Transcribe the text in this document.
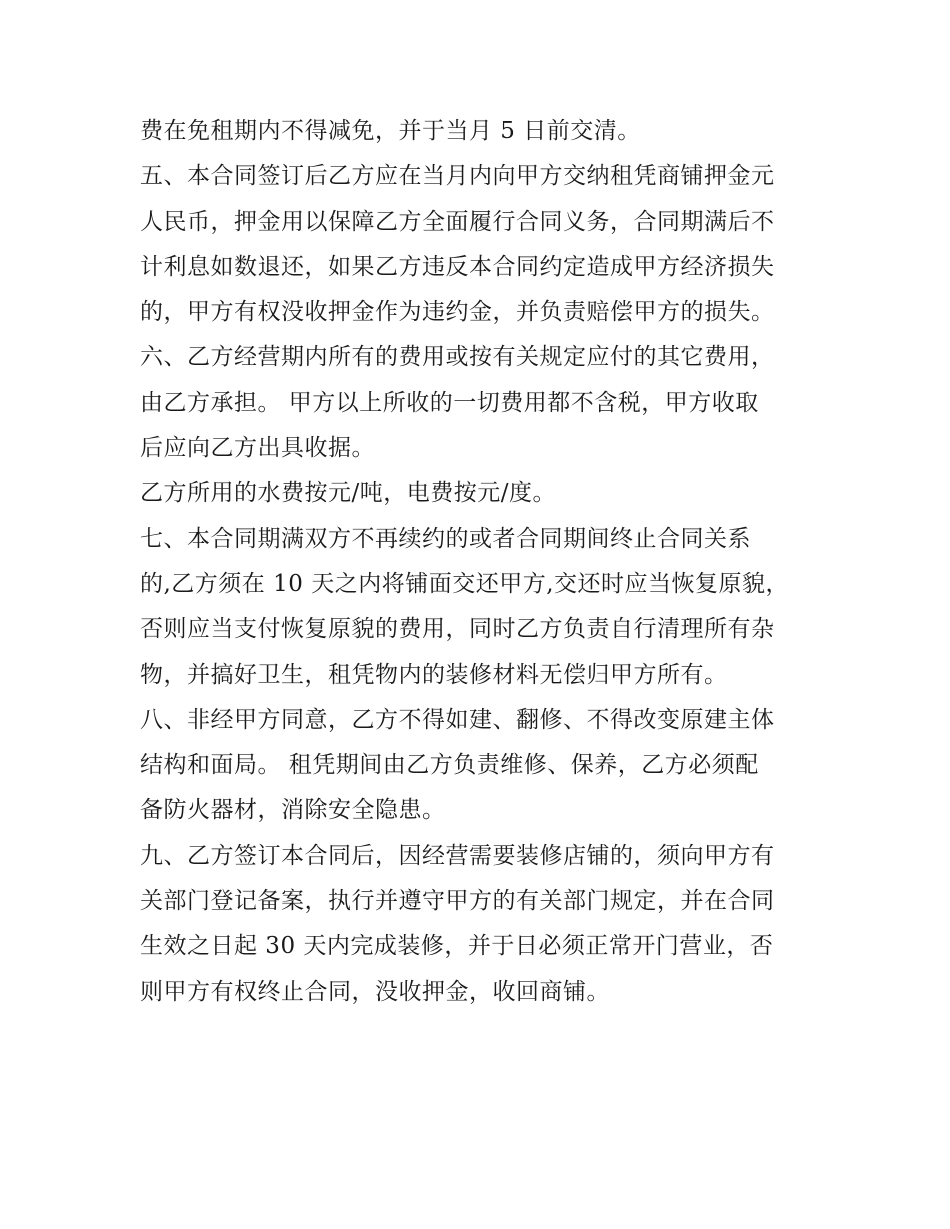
费在免租期内不得减免，并于当月 5 日前交清。
五、本合同签订后乙方应在当月内向甲方交纳租凭商铺押金元
人民币，押金用以保障乙方全面履行合同义务，合同期满后不
计利息如数退还，如果乙方违反本合同约定造成甲方经济损失
的，甲方有权没收押金作为违约金，并负责赔偿甲方的损失。
六、乙方经营期内所有的费用或按有关规定应付的其它费用，
由乙方承担。 甲方以上所收的一切费用都不含税，甲方收取
后应向乙方出具收据。
乙方所用的水费按元/吨，电费按元/度。
七、本合同期满双方不再续约的或者合同期间终止合同关系
的,乙方须在 10 天之内将铺面交还甲方,交还时应当恢复原貌，
否则应当支付恢复原貌的费用，同时乙方负责自行清理所有杂
物，并搞好卫生，租凭物内的装修材料无偿归甲方所有。
八、非经甲方同意，乙方不得如建、翻修、不得改变原建主体
结构和面局。 租凭期间由乙方负责维修、保养，乙方必须配
备防火器材，消除安全隐患。
九、乙方签订本合同后，因经营需要装修店铺的，须向甲方有
关部门登记备案，执行并遵守甲方的有关部门规定，并在合同
生效之日起 30 天内完成装修，并于日必须正常开门营业，否
则甲方有权终止合同，没收押金，收回商铺。
